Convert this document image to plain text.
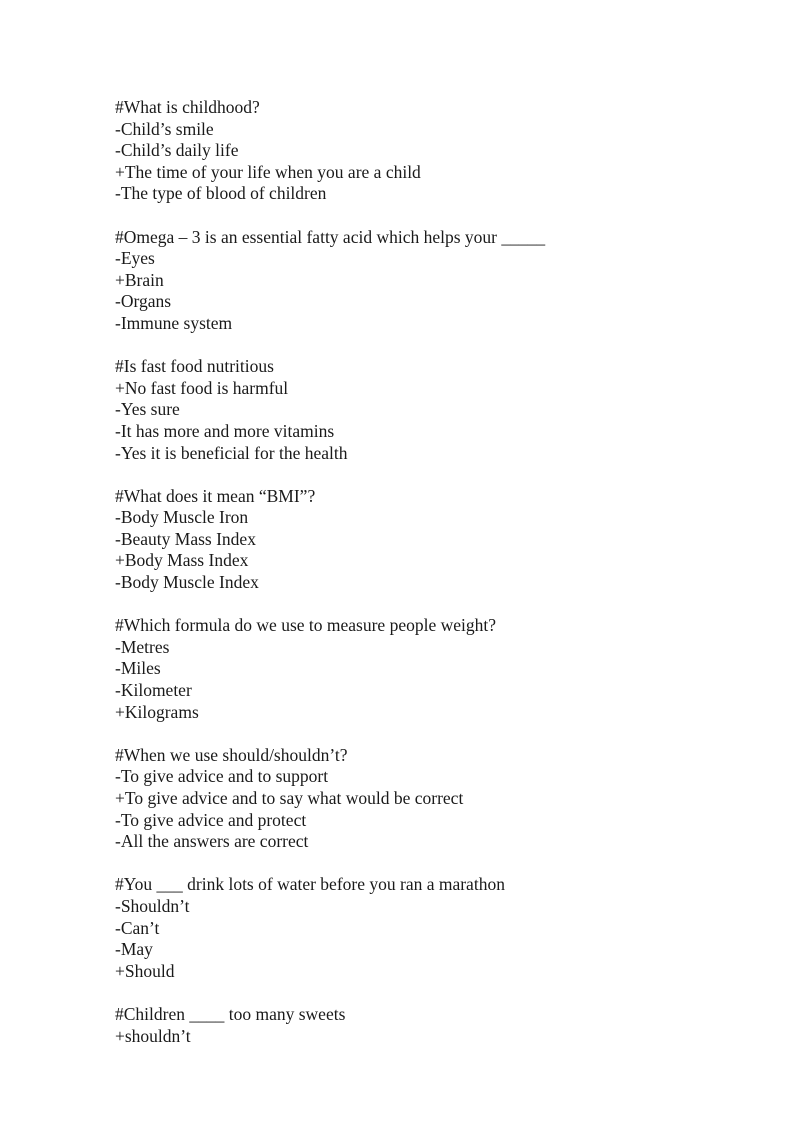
#What is childhood?
-Child’s smile
-Child’s daily life
+The time of your life when you are a child
-The type of blood of children
#Omega – 3 is an essential fatty acid which helps your _____
-Eyes
+Brain
-Organs
-Immune system
#Is fast food nutritious
+No fast food is harmful
-Yes sure
-It has more and more vitamins
-Yes it is beneficial for the health
#What does it mean “BMI”?
-Body Muscle Iron
-Beauty Mass Index
+Body Mass Index
-Body Muscle Index
#Which formula do we use to measure people weight?
-Metres
-Miles
-Kilometer
+Kilograms
#When we use should/shouldn’t?
-To give advice and to support
+To give advice and to say what would be correct
-To give advice and protect
-All the answers are correct
#You ___ drink lots of water before you ran a marathon
-Shouldn’t
-Can’t
-May
+Should
#Children ____ too many sweets
+shouldn’t
